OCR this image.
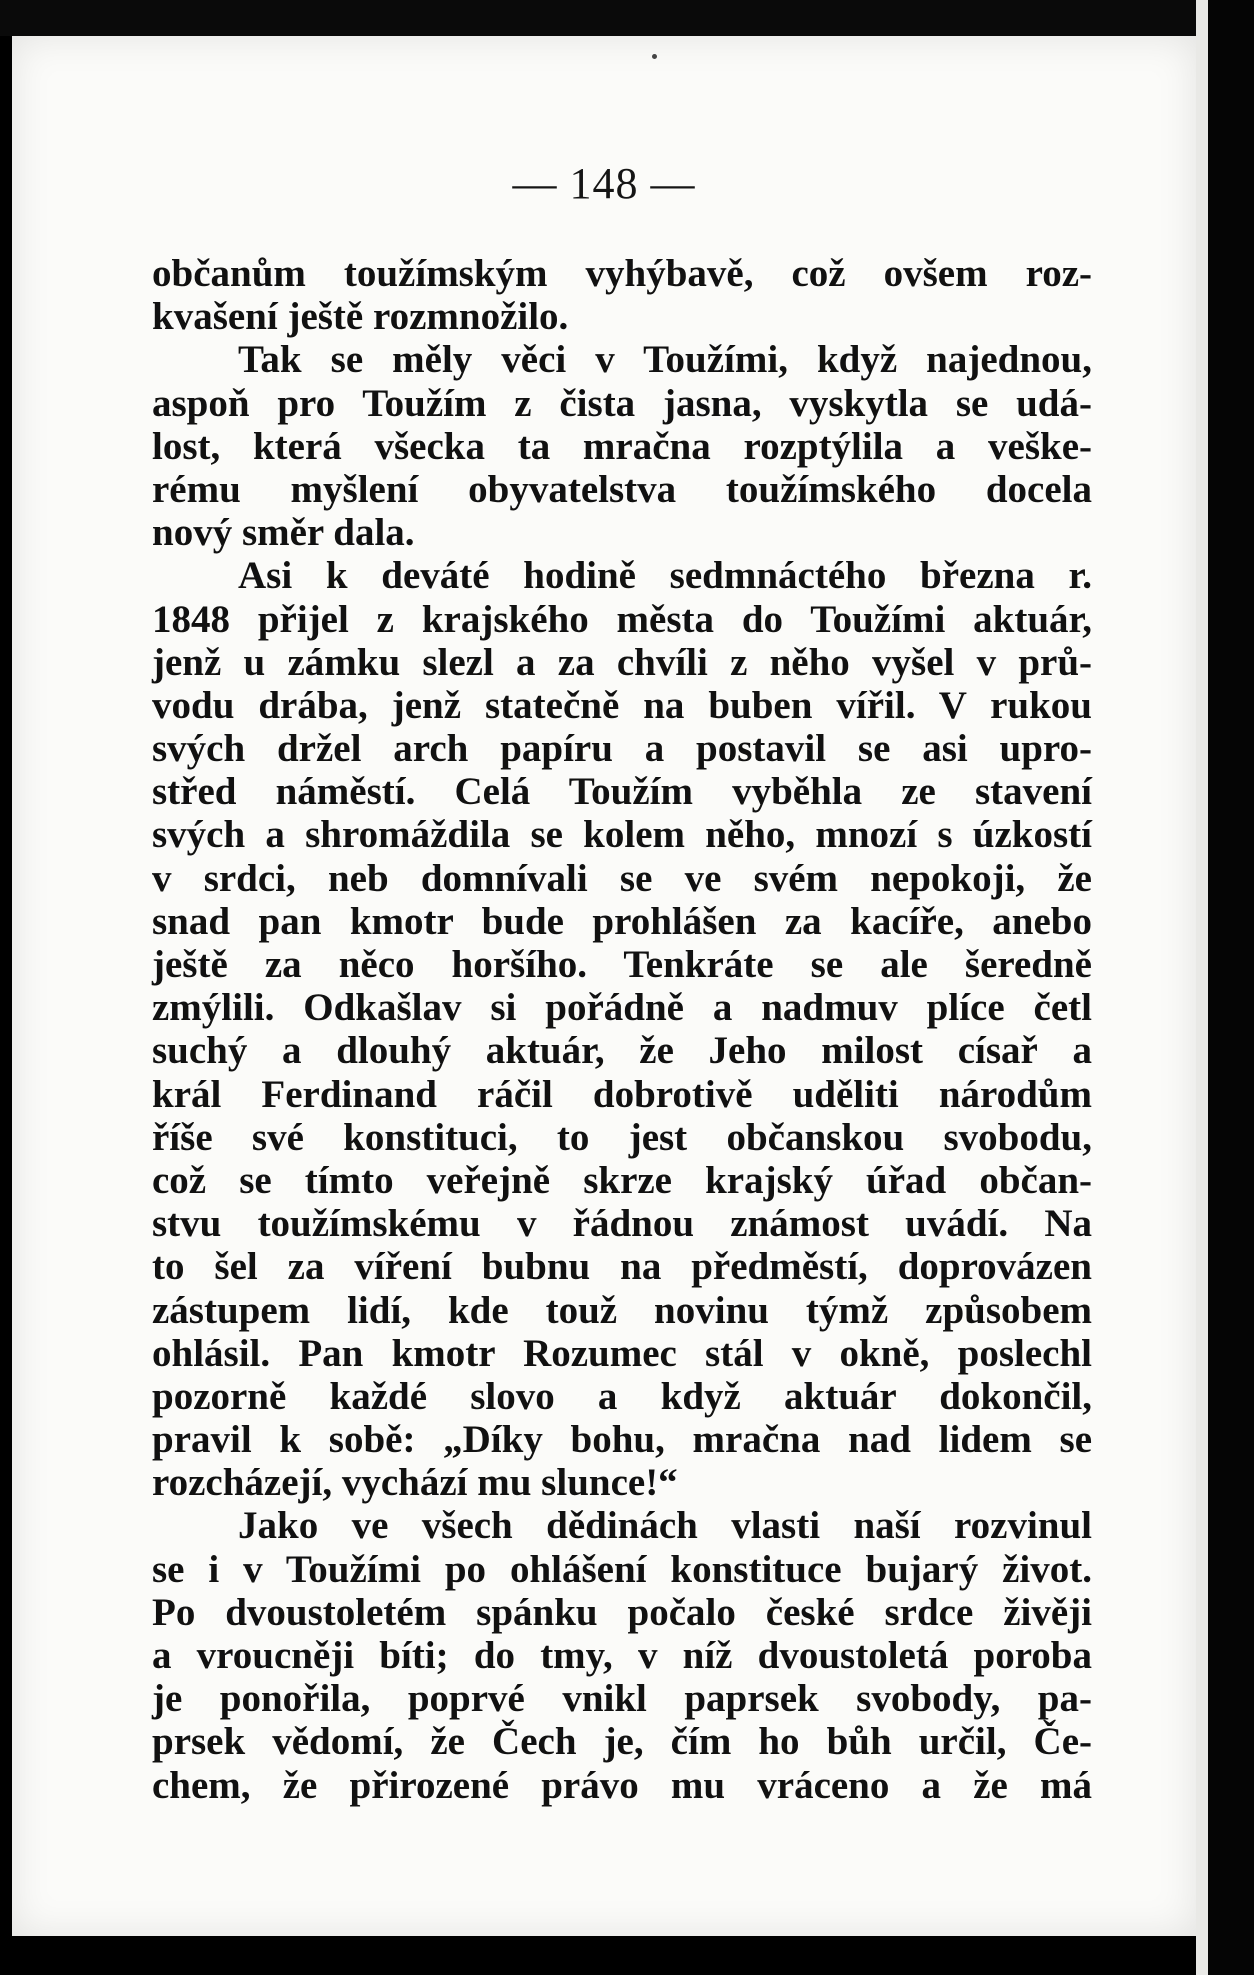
— 148 —
občanům toužímským vyhýbavě, což ovšem roz-
kvašení ještě rozmnožilo.
Tak se měly věci v Toužími, když najednou,
aspoň pro Toužím z čista jasna, vyskytla se udá-
lost, která všecka ta mračna rozptýlila a veške-
rému myšlení obyvatelstva toužímského docela
nový směr dala.
Asi k deváté hodině sedmnáctého března r.
1848 přijel z krajského města do Toužími aktuár,
jenž u zámku slezl a za chvíli z něho vyšel v prů-
vodu drába, jenž statečně na buben vířil. V rukou
svých držel arch papíru a postavil se asi upro-
střed náměstí. Celá Toužím vyběhla ze stavení
svých a shromáždila se kolem něho, mnozí s úzkostí
v srdci, neb domnívali se ve svém nepokoji, že
snad pan kmotr bude prohlášen za kacíře, anebo
ještě za něco horšího. Tenkráte se ale šeredně
zmýlili. Odkašlav si pořádně a nadmuv plíce četl
suchý a dlouhý aktuár, že Jeho milost císař a
král Ferdinand ráčil dobrotivě uděliti národům
říše své konstituci, to jest občanskou svobodu,
což se tímto veřejně skrze krajský úřad občan-
stvu toužímskému v řádnou známost uvádí. Na
to šel za víření bubnu na předměstí, doprovázen
zástupem lidí, kde touž novinu týmž způsobem
ohlásil. Pan kmotr Rozumec stál v okně, poslechl
pozorně každé slovo a když aktuár dokončil,
pravil k sobě: „Díky bohu, mračna nad lidem se
rozcházejí, vychází mu slunce!“
Jako ve všech dědinách vlasti naší rozvinul
se i v Toužími po ohlášení konstituce bujarý život.
Po dvoustoletém spánku počalo české srdce živěji
a vroucněji bíti; do tmy, v níž dvoustoletá poroba
je ponořila, poprvé vnikl paprsek svobody, pa-
prsek vědomí, že Čech je, čím ho bůh určil, Če-
chem, že přirozené právo mu vráceno a že má
